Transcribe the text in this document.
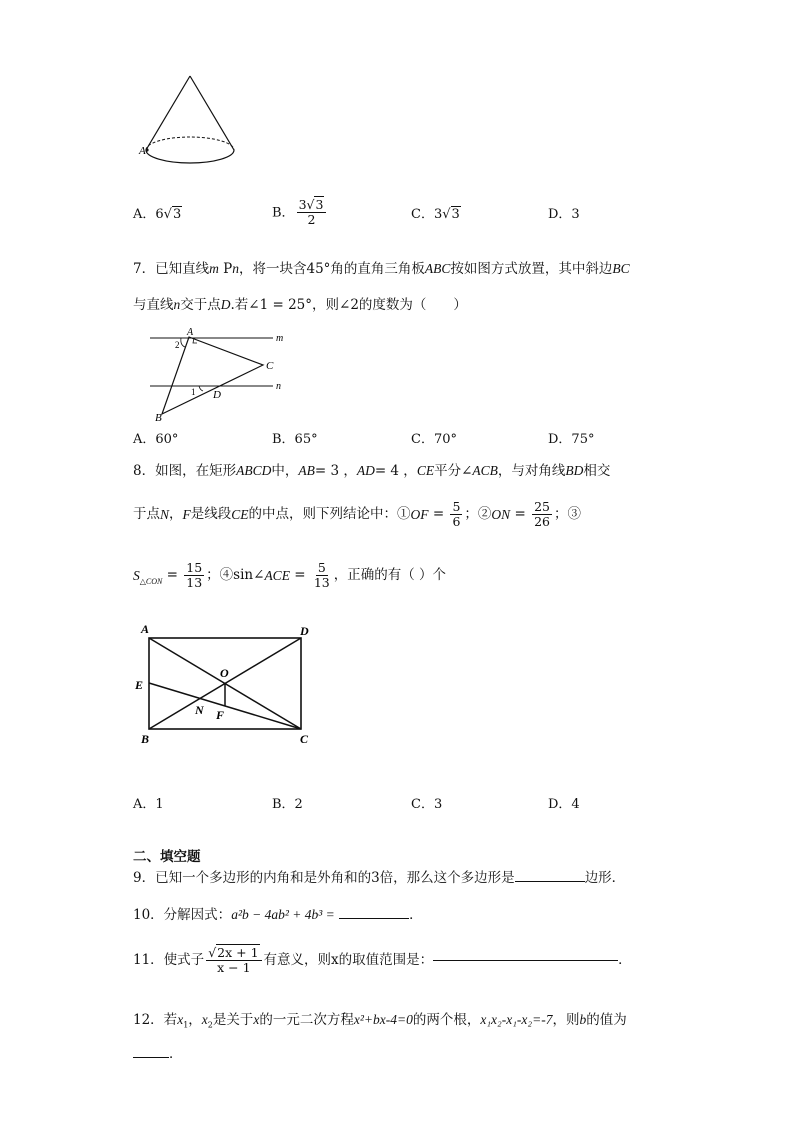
A
A．6√3	B． $\frac{3√3}{2}$	C．3√3	D．3
7．已知直线m Pn，将一块含45°角的直角三角板ABC按如图方式放置，其中斜边BC
与直线n交于点D.若∠1 = 25°，则∠2的度数为（　　）
A
2
m
C
n
1 D
B
A．60°	B．65°	C．70°	D．75°
8．如图，在矩形ABCD中，AB= 3 ，AD= 4 ，CE平分∠ACB，与对角线BD相交
于点N，F是线段CE的中点，则下列结论中：①OF = $\frac{5}{6}$ ；②ON = $\frac{25}{26}$ ；③
$S_{\triangle CON} = \frac{15}{13}$ ；④sin∠ACE = $\frac{5}{13}$ ，正确的有（ ）个
A	D
E
O
N F
B	C
A．1	B．2	C．3	D．4
二、填空题
9．已知一个多边形的内角和是外角和的3倍，那么这个多边形是	边形．
10．分解因式：a²b − 4ab² + 4b³ =	．
11．使式子 $\frac{√2x + 1}{x - 1}$ 有意义，则x的取值范围是：	．
12．若$x_1$，$x_2$是关于x的一元二次方程x²+bx-4=0的两个根，x₁x₂-x₁-x₂=-7，则b的值为
．
